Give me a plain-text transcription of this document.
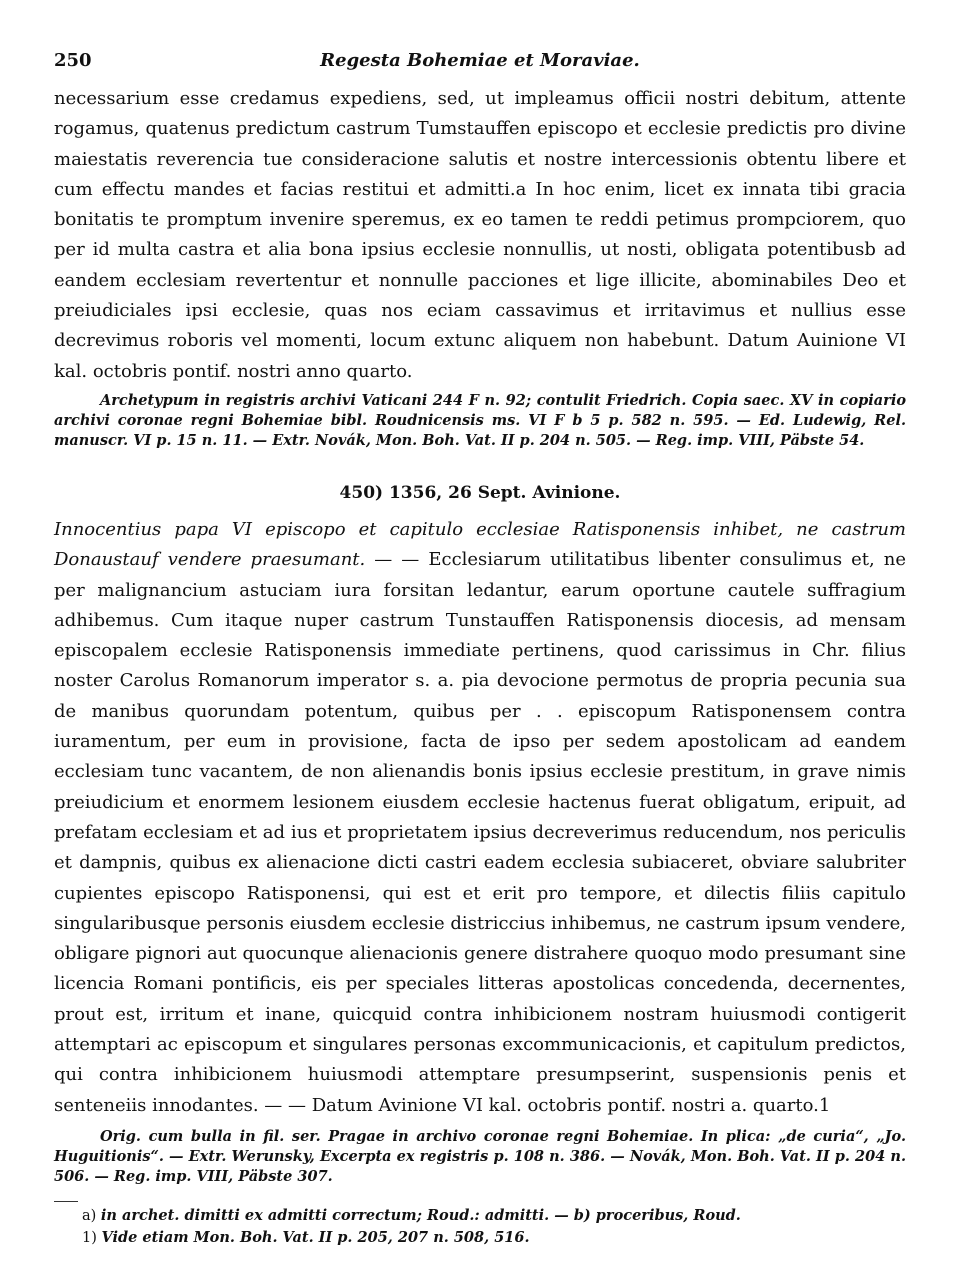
250	Regesta Bohemiae et Moraviae.

necessarium esse credamus expediens, sed, ut impleamus officii nostri debitum, attente rogamus, quatenus predictum castrum Tumstauffen episcopo et ecclesie predictis pro divine maiestatis reverencia tue consideracione salutis et nostre intercessionis obtentu libere et cum effectu mandes et facias restitui et admitti.a In hoc enim, licet ex innata tibi gracia bonitatis te promptum invenire speremus, ex eo tamen te reddi petimus prompciorem, quo per id multa castra et alia bona ipsius ecclesie nonnullis, ut nosti, obligata potentibusb ad eandem ecclesiam revertentur et nonnulle pacciones et lige illicite, abominabiles Deo et preiudiciales ipsi ecclesie, quas nos eciam cassavimus et irritavimus et nullius esse decrevimus roboris vel momenti, locum extunc aliquem non habebunt. Datum Auinione VI kal. octobris pontif. nostri anno quarto.

Archetypum in registris archivi Vaticani 244 F n. 92; contulit Friedrich. Copia saec. XV in copiario archivi coronae regni Bohemiae bibl. Roudnicensis ms. VI F b 5 p. 582 n. 595. — Ed. Ludewig, Rel. manuscr. VI p. 15 n. 11. — Extr. Novák, Mon. Boh. Vat. II p. 204 n. 505. — Reg. imp. VIII, Päbste 54.

450) 1356, 26 Sept. Avinione.

Innocentius papa VI episcopo et capitulo ecclesiae Ratisponensis inhibet, ne castrum Donaustauf vendere praesumant. — — Ecclesiarum utilitatibus libenter consulimus et, ne per malignancium astuciam iura forsitan ledantur, earum oportune cautele suffragium adhibemus. Cum itaque nuper castrum Tunstauffen Ratisponensis diocesis, ad mensam episcopalem ecclesie Ratisponensis immediate pertinens, quod carissimus in Chr. filius noster Carolus Romanorum imperator s. a. pia devocione permotus de propria pecunia sua de manibus quorundam potentum, quibus per . . episcopum Ratisponensem contra iuramentum, per eum in provisione, facta de ipso per sedem apostolicam ad eandem ecclesiam tunc vacantem, de non alienandis bonis ipsius ecclesie prestitum, in grave nimis preiudicium et enormem lesionem eiusdem ecclesie hactenus fuerat obligatum, eripuit, ad prefatam ecclesiam et ad ius et proprietatem ipsius decreverimus reducendum, nos periculis et dampnis, quibus ex alienacione dicti castri eadem ecclesia subiaceret, obviare salubriter cupientes episcopo Ratisponensi, qui est et erit pro tempore, et dilectis filiis capitulo singularibusque personis eiusdem ecclesie districcius inhibemus, ne castrum ipsum vendere, obligare pignori aut quocunque alienacionis genere distrahere quoquo modo presumant sine licencia Romani pontificis, eis per speciales litteras apostolicas concedenda, decernentes, prout est, irritum et inane, quicquid contra inhibicionem nostram huiusmodi contigerit attemptari ac episcopum et singulares personas excommunicacionis, et capitulum predictos, qui contra inhibicionem huiusmodi attemptare presumpserint, suspensionis penis et senteneiis innodantes. — — Datum Avinione VI kal. octobris pontif. nostri a. quarto.1

Orig. cum bulla in fil. ser. Pragae in archivo coronae regni Bohemiae. In plica: „de curia“, „Jo. Huguitionis“. — Extr. Werunsky, Excerpta ex registris p. 108 n. 386. — Novák, Mon. Boh. Vat. II p. 204 n. 506. — Reg. imp. VIII, Päbste 307.

a) in archet. dimitti ex admitti correctum; Roud.: admitti. — b) proceribus, Roud.
1) Vide etiam Mon. Boh. Vat. II p. 205, 207 n. 508, 516.
